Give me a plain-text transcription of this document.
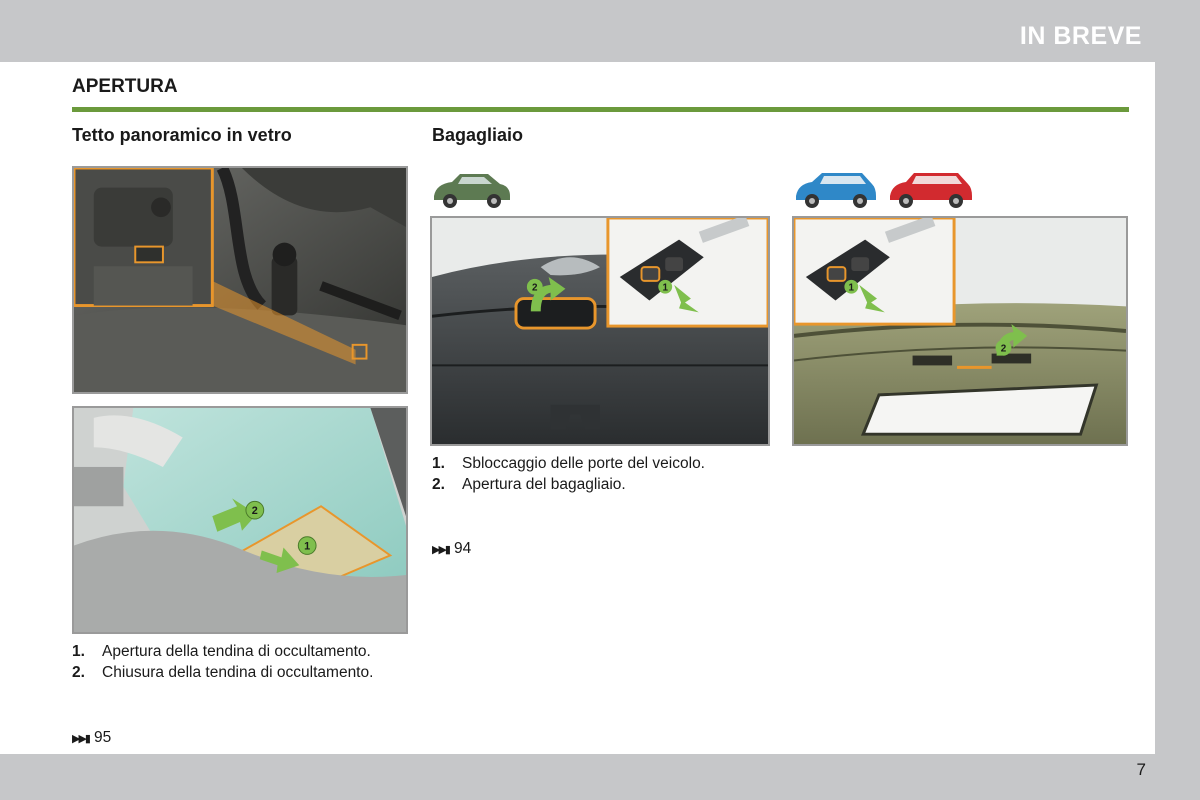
IN BREVE
APERTURA
Tetto panoramico in vetro	Bagagliaio
2
1
2	1
2
1
1.	Apertura della tendina di occultamento.
2.	Chiusura della tendina di occultamento.
1.	Sbloccaggio delle porte del veicolo.
2.	Apertura del bagagliaio.
▶▶▮ 95
▶▶▮ 94
7
